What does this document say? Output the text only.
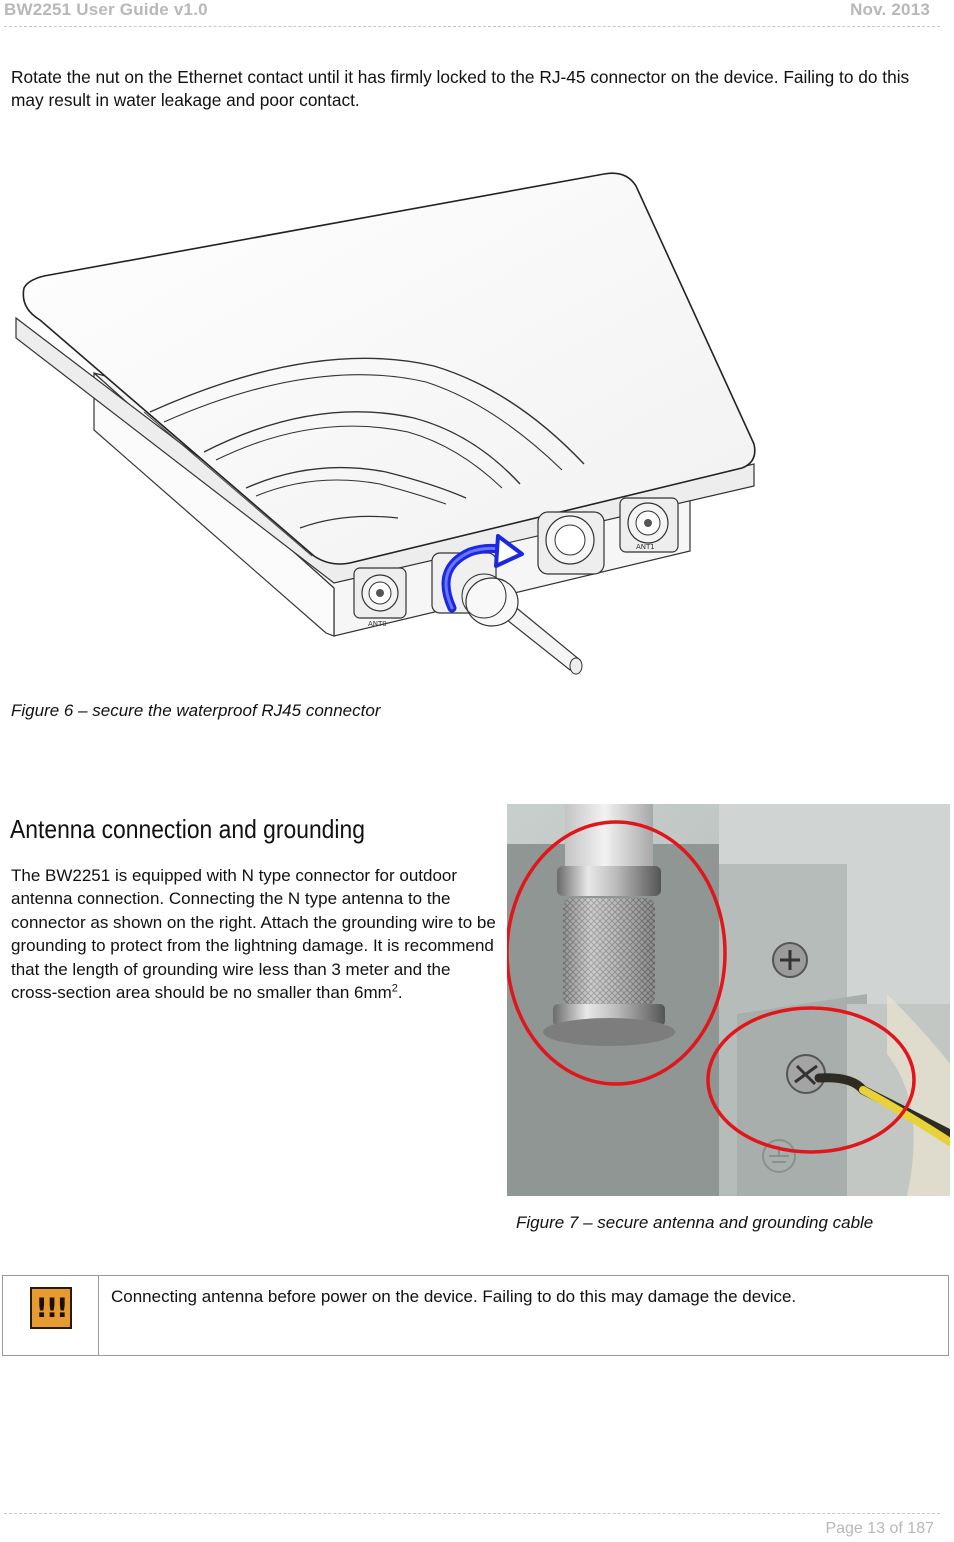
BW2251 User Guide v1.0	Nov. 2013
Rotate the nut on the Ethernet contact until it has firmly locked to the RJ-45 connector on the device. Failing to do this may result in water leakage and poor contact.
ANT0
ANT1
Figure 6 – secure the waterproof RJ45 connector
Antenna connection and grounding
The BW2251 is equipped with N type connector for outdoor antenna connection. Connecting the N type antenna to the connector as shown on the right. Attach the grounding wire to be grounding to protect from the lightning damage. It is recommend that the length of grounding wire less than 3 meter and the cross-section area should be no smaller than $6mm^2$.
Figure 7 – secure antenna and grounding cable
!!!	Connecting antenna before power on the device. Failing to do this may damage the device.
Page 13 of 187
